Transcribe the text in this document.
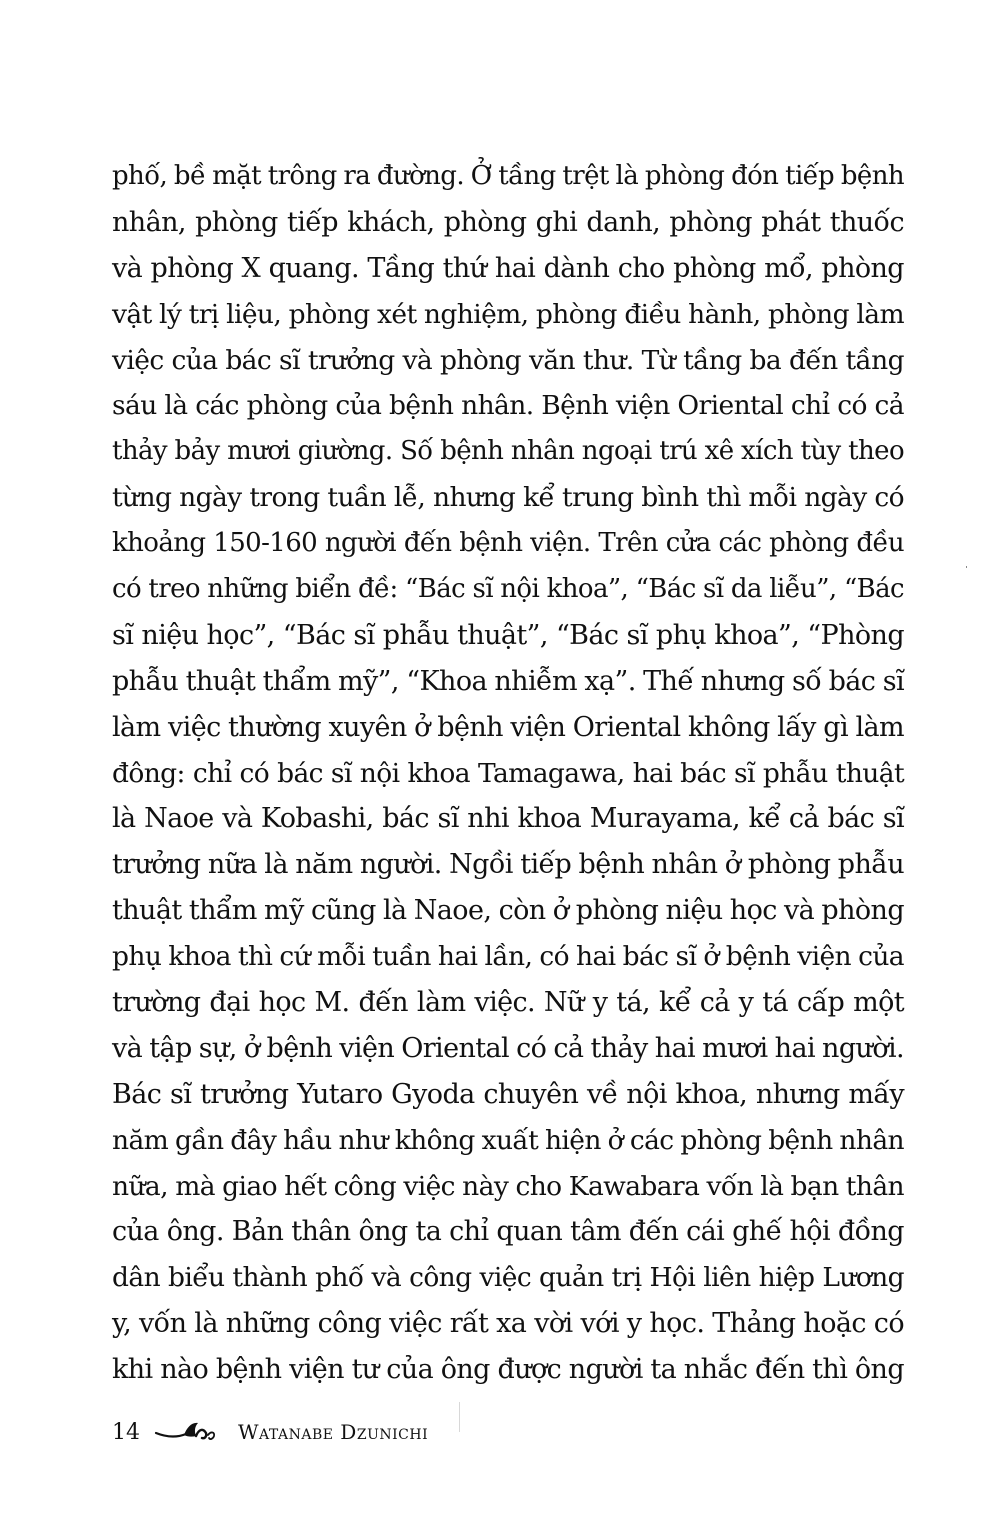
phố, bề mặt trông ra đường. Ở tầng trệt là phòng đón tiếp bệnh
nhân, phòng tiếp khách, phòng ghi danh, phòng phát thuốc
và phòng X quang. Tầng thứ hai dành cho phòng mổ, phòng
vật lý trị liệu, phòng xét nghiệm, phòng điều hành, phòng làm
việc của bác sĩ trưởng và phòng văn thư. Từ tầng ba đến tầng
sáu là các phòng của bệnh nhân. Bệnh viện Oriental chỉ có cả
thảy bảy mươi giường. Số bệnh nhân ngoại trú xê xích tùy theo
từng ngày trong tuần lễ, nhưng kể trung bình thì mỗi ngày có
khoảng 150-160 người đến bệnh viện. Trên cửa các phòng đều
có treo những biển đề: “Bác sĩ nội khoa”, “Bác sĩ da liễu”, “Bác
sĩ niệu học”, “Bác sĩ phẫu thuật”, “Bác sĩ phụ khoa”, “Phòng
phẫu thuật thẩm mỹ”, “Khoa nhiễm xạ”. Thế nhưng số bác sĩ
làm việc thường xuyên ở bệnh viện Oriental không lấy gì làm
đông: chỉ có bác sĩ nội khoa Tamagawa, hai bác sĩ phẫu thuật
là Naoe và Kobashi, bác sĩ nhi khoa Murayama, kể cả bác sĩ
trưởng nữa là năm người. Ngồi tiếp bệnh nhân ở phòng phẫu
thuật thẩm mỹ cũng là Naoe, còn ở phòng niệu học và phòng
phụ khoa thì cứ mỗi tuần hai lần, có hai bác sĩ ở bệnh viện của
trường đại học M. đến làm việc. Nữ y tá, kể cả y tá cấp một
và tập sự, ở bệnh viện Oriental có cả thảy hai mươi hai người.
Bác sĩ trưởng Yutaro Gyoda chuyên về nội khoa, nhưng mấy
năm gần đây hầu như không xuất hiện ở các phòng bệnh nhân
nữa, mà giao hết công việc này cho Kawabara vốn là bạn thân
của ông. Bản thân ông ta chỉ quan tâm đến cái ghế hội đồng
dân biểu thành phố và công việc quản trị Hội liên hiệp Lương
y, vốn là những công việc rất xa vời với y học. Thảng hoặc có
khi nào bệnh viện tư của ông được người ta nhắc đến thì ông
14	Watanabe Dzunichi
